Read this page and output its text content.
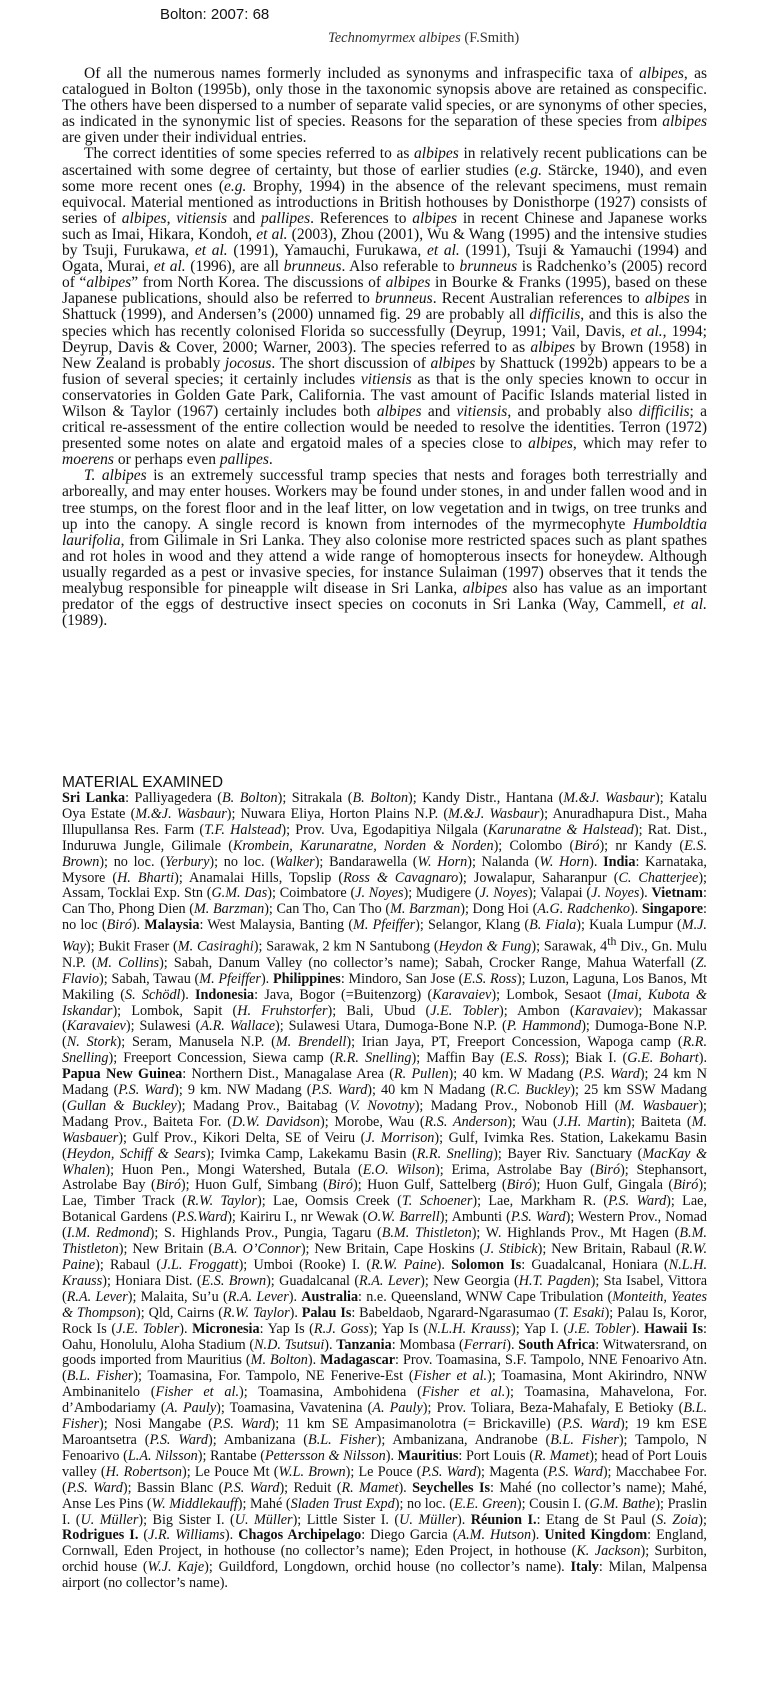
Bolton: 2007: 68
Technomyrmex albipes (F.Smith)

Of all the numerous names formerly included as synonyms and infraspecific taxa of albipes, as catalogued in Bolton (1995b), only those in the taxonomic synopsis above are retained as conspecific. The others have been dispersed to a number of separate valid species, or are synonyms of other species, as indicated in the synonymic list of species. Reasons for the separation of these species from albipes are given under their individual entries.

The correct identities of some species referred to as albipes in relatively recent publications can be ascertained with some degree of certainty, but those of earlier studies (e.g. Stärcke, 1940), and even some more recent ones (e.g. Brophy, 1994) in the absence of the relevant specimens, must remain equivocal. Material mentioned as introductions in British hothouses by Donisthorpe (1927) consists of series of albipes, vitiensis and pallipes. References to albipes in recent Chinese and Japanese works such as Imai, Hikara, Kondoh, et al. (2003), Zhou (2001), Wu & Wang (1995) and the intensive studies by Tsuji, Furukawa, et al. (1991), Yamauchi, Furukawa, et al. (1991), Tsuji & Yamauchi (1994) and Ogata, Murai, et al. (1996), are all brunneus. Also referable to brunneus is Radchenko’s (2005) record of “albipes” from North Korea. The discussions of albipes in Bourke & Franks (1995), based on these Japanese publications, should also be referred to brunneus. Recent Australian references to albipes in Shattuck (1999), and Andersen’s (2000) unnamed fig. 29 are probably all difficilis, and this is also the species which has recently colonised Florida so successfully (Deyrup, 1991; Vail, Davis, et al., 1994; Deyrup, Davis & Cover, 2000; Warner, 2003). The species referred to as albipes by Brown (1958) in New Zealand is probably jocosus. The short discussion of albipes by Shattuck (1992b) appears to be a fusion of several species; it certainly includes vitiensis as that is the only species known to occur in conservatories in Golden Gate Park, California. The vast amount of Pacific Islands material listed in Wilson & Taylor (1967) certainly includes both albipes and vitiensis, and probably also difficilis; a critical re-assessment of the entire collection would be needed to resolve the identities. Terron (1972) presented some notes on alate and ergatoid males of a species close to albipes, which may refer to moerens or perhaps even pallipes.

T. albipes is an extremely successful tramp species that nests and forages both terrestrially and arboreally, and may enter houses. Workers may be found under stones, in and under fallen wood and in tree stumps, on the forest floor and in the leaf litter, on low vegetation and in twigs, on tree trunks and up into the canopy. A single record is known from internodes of the myrmecophyte Humboldtia laurifolia, from Gilimale in Sri Lanka. They also colonise more restricted spaces such as plant spathes and rot holes in wood and they attend a wide range of homopterous insects for honeydew. Although usually regarded as a pest or invasive species, for instance Sulaiman (1997) observes that it tends the mealybug responsible for pineapple wilt disease in Sri Lanka, albipes also has value as an important predator of the eggs of destructive insect species on coconuts in Sri Lanka (Way, Cammell, et al. (1989).

MATERIAL EXAMINED
Sri Lanka: Palliyagedera (B. Bolton); Sitrakala (B. Bolton); Kandy Distr., Hantana (M.&J. Wasbaur); Katalu Oya Estate (M.&J. Wasbaur); Nuwara Eliya, Horton Plains N.P. (M.&J. Wasbaur); Anuradhapura Dist., Maha Illupullansa Res. Farm (T.F. Halstead); Prov. Uva, Egodapitiya Nilgala (Karunaratne & Halstead); Rat. Dist., Induruwa Jungle, Gilimale (Krombein, Karunaratne, Norden & Norden); Colombo (Biró); nr Kandy (E.S. Brown); no loc. (Yerbury); no loc. (Walker); Bandarawella (W. Horn); Nalanda (W. Horn). India: Karnataka, Mysore (H. Bharti); Anamalai Hills, Topslip (Ross & Cavagnaro); Jowalapur, Saharanpur (C. Chatterjee); Assam, Tocklai Exp. Stn (G.M. Das); Coimbatore (J. Noyes); Mudigere (J. Noyes); Valapai (J. Noyes). Vietnam: Can Tho, Phong Dien (M. Barzman); Can Tho, Can Tho (M. Barzman); Dong Hoi (A.G. Radchenko). Singapore: no loc (Biró). Malaysia: West Malaysia, Banting (M. Pfeiffer); Selangor, Klang (B. Fiala); Kuala Lumpur (M.J. Way); Bukit Fraser (M. Casiraghi); Sarawak, 2 km N Santubong (Heydon & Fung); Sarawak, 4th Div., Gn. Mulu N.P. (M. Collins); Sabah, Danum Valley (no collector’s name); Sabah, Crocker Range, Mahua Waterfall (Z. Flavio); Sabah, Tawau (M. Pfeiffer). Philippines: Mindoro, San Jose (E.S. Ross); Luzon, Laguna, Los Banos, Mt Makiling (S. Schödl). Indonesia: Java, Bogor (=Buitenzorg) (Karavaiev); Lombok, Sesaot (Imai, Kubota & Iskandar); Lombok, Sapit (H. Fruhstorfer); Bali, Ubud (J.E. Tobler); Ambon (Karavaiev); Makassar (Karavaiev); Sulawesi (A.R. Wallace); Sulawesi Utara, Dumoga-Bone N.P. (P. Hammond); Dumoga-Bone N.P. (N. Stork); Seram, Manusela N.P. (M. Brendell); Irian Jaya, PT, Freeport Concession, Wapoga camp (R.R. Snelling); Freeport Concession, Siewa camp (R.R. Snelling); Maffin Bay (E.S. Ross); Biak I. (G.E. Bohart). Papua New Guinea: Northern Dist., Managalase Area (R. Pullen); 40 km. W Madang (P.S. Ward); 24 km N Madang (P.S. Ward); 9 km. NW Madang (P.S. Ward); 40 km N Madang (R.C. Buckley); 25 km SSW Madang (Gullan & Buckley); Madang Prov., Baitabag (V. Novotny); Madang Prov., Nobonob Hill (M. Wasbauer); Madang Prov., Baiteta For. (D.W. Davidson); Morobe, Wau (R.S. Anderson); Wau (J.H. Martin); Baiteta (M. Wasbauer); Gulf Prov., Kikori Delta, SE of Veiru (J. Morrison); Gulf, Ivimka Res. Station, Lakekamu Basin (Heydon, Schiff & Sears); Ivimka Camp, Lakekamu Basin (R.R. Snelling); Bayer Riv. Sanctuary (MacKay & Whalen); Huon Pen., Mongi Watershed, Butala (E.O. Wilson); Erima, Astrolabe Bay (Biró); Stephansort, Astrolabe Bay (Biró); Huon Gulf, Simbang (Biró); Huon Gulf, Sattelberg (Biró); Huon Gulf, Gingala (Biró); Lae, Timber Track (R.W. Taylor); Lae, Oomsis Creek (T. Schoener); Lae, Markham R. (P.S. Ward); Lae, Botanical Gardens (P.S.Ward); Kairiru I., nr Wewak (O.W. Barrell); Ambunti (P.S. Ward); Western Prov., Nomad (I.M. Redmond); S. Highlands Prov., Pungia, Tagaru (B.M. Thistleton); W. Highlands Prov., Mt Hagen (B.M. Thistleton); New Britain (B.A. O’Connor); New Britain, Cape Hoskins (J. Stibick); New Britain, Rabaul (R.W. Paine); Rabaul (J.L. Froggatt); Umboi (Rooke) I. (R.W. Paine). Solomon Is: Guadalcanal, Honiara (N.L.H. Krauss); Honiara Dist. (E.S. Brown); Guadalcanal (R.A. Lever); New Georgia (H.T. Pagden); Sta Isabel, Vittora (R.A. Lever); Malaita, Su’u (R.A. Lever). Australia: n.e. Queensland, WNW Cape Tribulation (Monteith, Yeates & Thompson); Qld, Cairns (R.W. Taylor). Palau Is: Babeldaob, Ngarard-Ngarasumao (T. Esaki); Palau Is, Koror, Rock Is (J.E. Tobler). Micronesia: Yap Is (R.J. Goss); Yap Is (N.L.H. Krauss); Yap I. (J.E. Tobler). Hawaii Is: Oahu, Honolulu, Aloha Stadium (N.D. Tsutsui). Tanzania: Mombasa (Ferrari). South Africa: Witwatersrand, on goods imported from Mauritius (M. Bolton). Madagascar: Prov. Toamasina, S.F. Tampolo, NNE Fenoarivo Atn. (B.L. Fisher); Toamasina, For. Tampolo, NE Fenerive-Est (Fisher et al.); Toamasina, Mont Akirindro, NNW Ambinanitelo (Fisher et al.); Toamasina, Ambohidena (Fisher et al.); Toamasina, Mahavelona, For. d’Ambodariamy (A. Pauly); Toamasina, Vavatenina (A. Pauly); Prov. Toliara, Beza-Mahafaly, E Betioky (B.L. Fisher); Nosi Mangabe (P.S. Ward); 11 km SE Ampasimanolotra (= Brickaville) (P.S. Ward); 19 km ESE Maroantsetra (P.S. Ward); Ambanizana (B.L. Fisher); Ambanizana, Andranobe (B.L. Fisher); Tampolo, N Fenoarivo (L.A. Nilsson); Rantabe (Pettersson & Nilsson). Mauritius: Port Louis (R. Mamet); head of Port Louis valley (H. Robertson); Le Pouce Mt (W.L. Brown); Le Pouce (P.S. Ward); Magenta (P.S. Ward); Macchabee For. (P.S. Ward); Bassin Blanc (P.S. Ward); Reduit (R. Mamet). Seychelles Is: Mahé (no collector’s name); Mahé, Anse Les Pins (W. Middlekauff); Mahé (Sladen Trust Expd); no loc. (E.E. Green); Cousin I. (G.M. Bathe); Praslin I. (U. Müller); Big Sister I. (U. Müller); Little Sister I. (U. Müller). Réunion I.: Etang de St Paul (S. Zoia); Rodrigues I. (J.R. Williams). Chagos Archipelago: Diego Garcia (A.M. Hutson). United Kingdom: England, Cornwall, Eden Project, in hothouse (no collector’s name); Eden Project, in hothouse (K. Jackson); Surbiton, orchid house (W.J. Kaje); Guildford, Longdown, orchid house (no collector’s name). Italy: Milan, Malpensa airport (no collector’s name).
